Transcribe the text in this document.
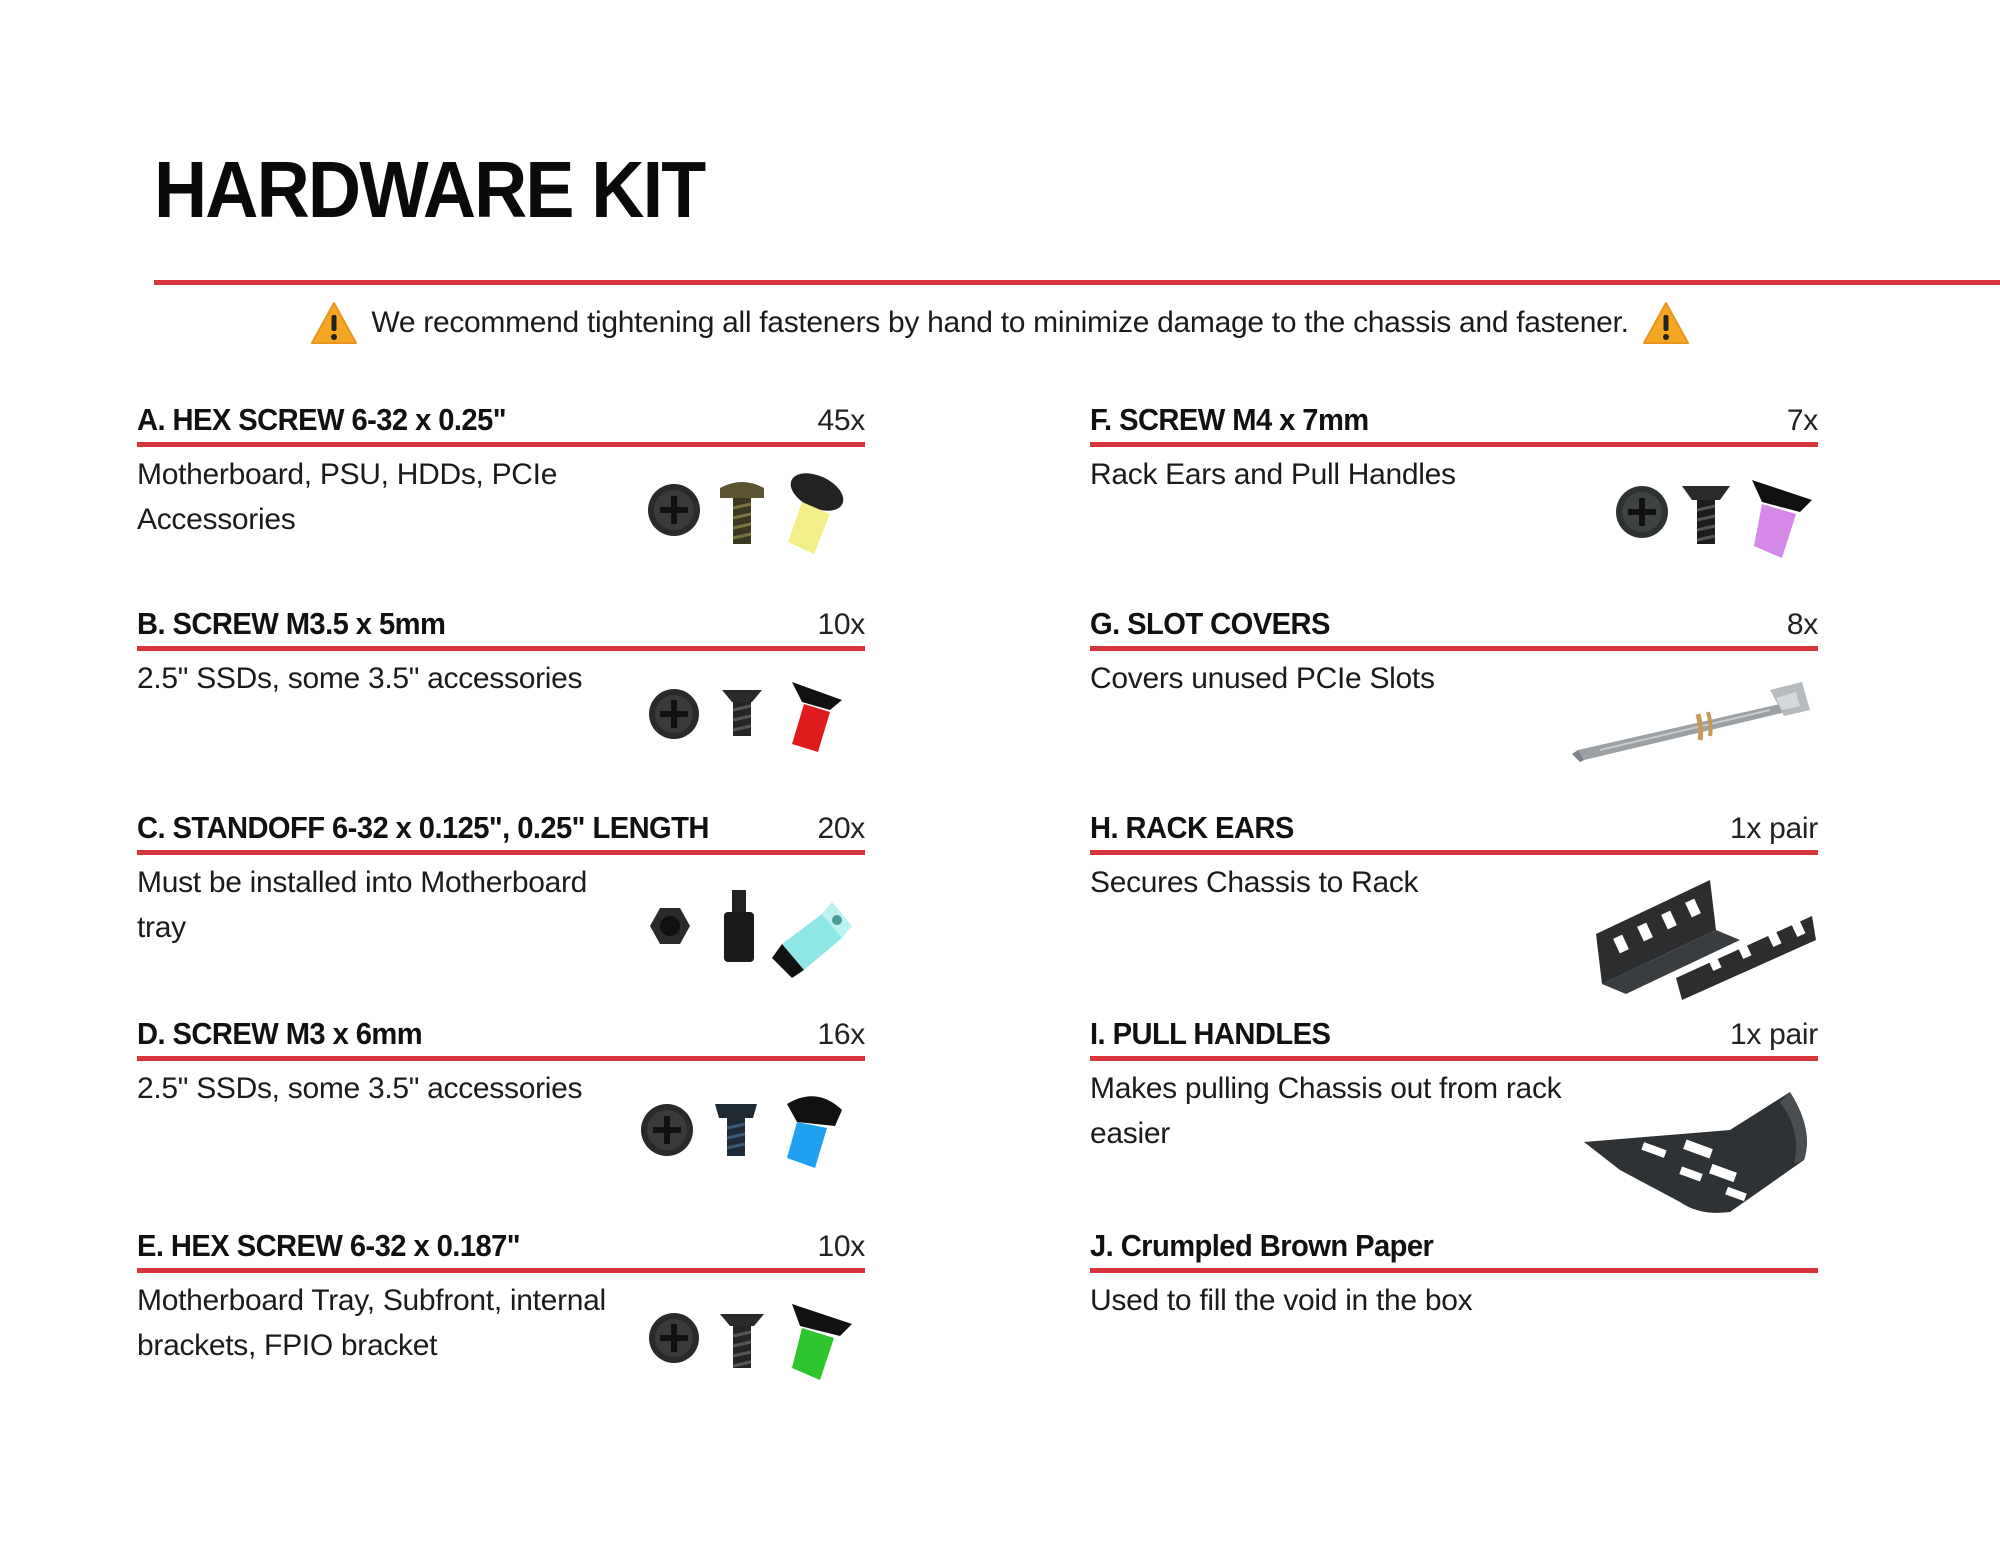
HARDWARE KIT
We recommend tightening all fasteners by hand to minimize damage to the chassis and fastener.
A. HEX SCREW 6-32 x 0.25"	45x
Motherboard, PSU, HDDs, PCIe Accessories
B. SCREW M3.5 x 5mm	10x
2.5" SSDs, some 3.5" accessories
C. STANDOFF 6-32 x 0.125", 0.25" LENGTH	20x
Must be installed into Motherboard tray
D. SCREW M3 x 6mm	16x
2.5" SSDs, some 3.5" accessories
E. HEX SCREW 6-32 x 0.187"	10x
Motherboard Tray, Subfront, internal brackets, FPIO bracket
F. SCREW M4 x 7mm	7x
Rack Ears and Pull Handles
G. SLOT COVERS	8x
Covers unused PCIe Slots
H. RACK EARS	1x pair
Secures Chassis to Rack
I. PULL HANDLES	1x pair
Makes pulling Chassis out from rack easier
J. Crumpled Brown Paper
Used to fill the void in the box
